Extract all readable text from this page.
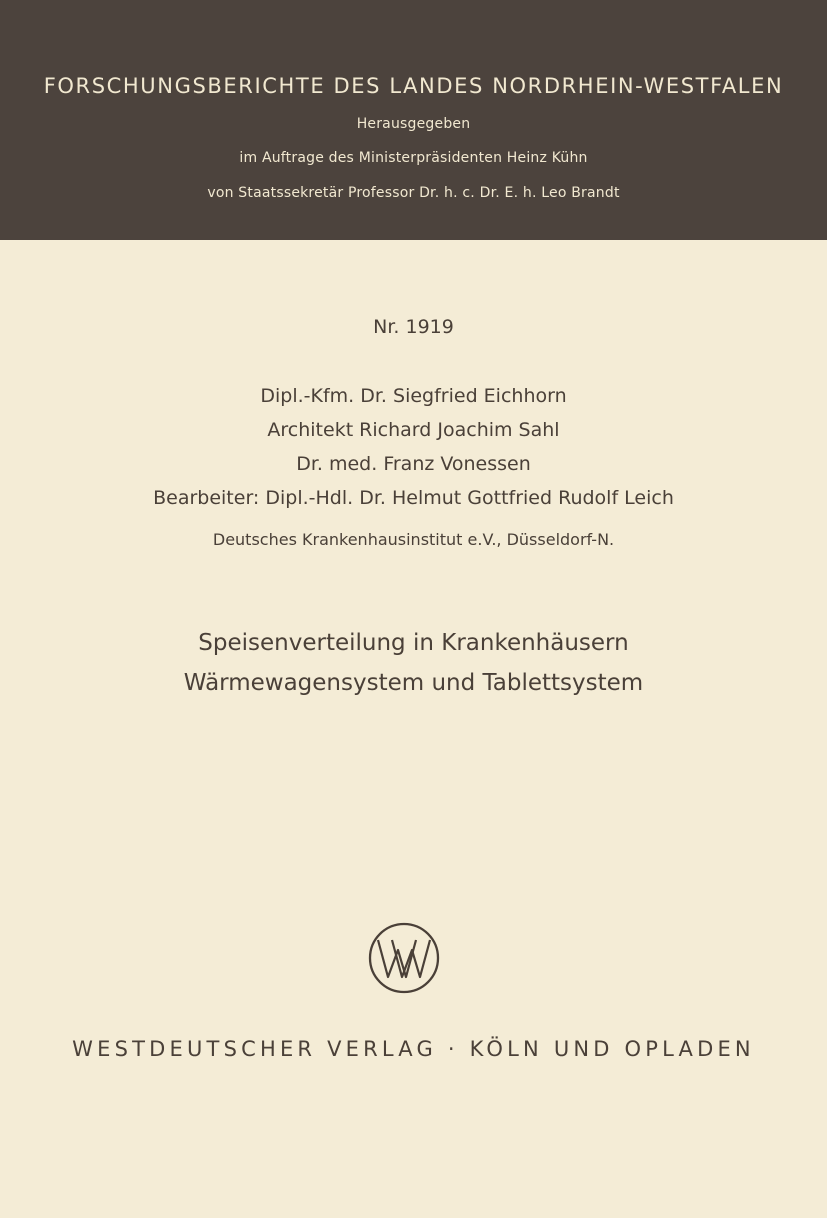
FORSCHUNGSBERICHTE DES LANDES NORDRHEIN-WESTFALEN
Herausgegeben
im Auftrage des Ministerpräsidenten Heinz Kühn
von Staatssekretär Professor Dr. h. c. Dr. E. h. Leo Brandt
Nr. 1919
Dipl.-Kfm. Dr. Siegfried Eichhorn
Architekt Richard Joachim Sahl
Dr. med. Franz Vonessen
Bearbeiter: Dipl.-Hdl. Dr. Helmut Gottfried Rudolf Leich
Deutsches Krankenhausinstitut e.V., Düsseldorf-N.
Speisenverteilung in Krankenhäusern
Wärmewagensystem und Tablettsystem
WESTDEUTSCHER VERLAG · KÖLN UND OPLADEN
